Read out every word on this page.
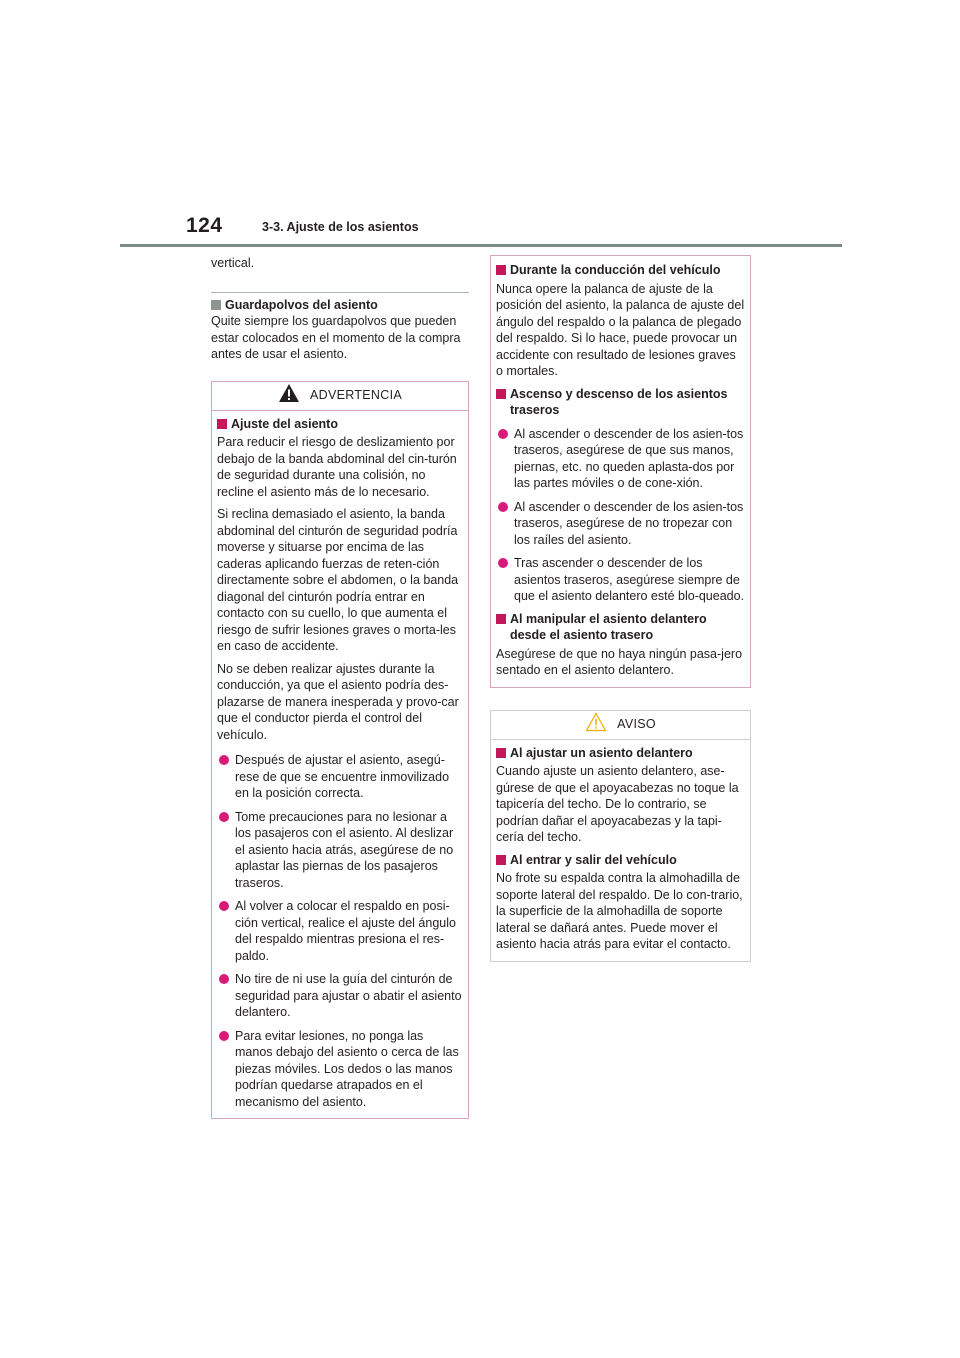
124	3-3. Ajuste de los asientos

vertical.

Guardapolvos del asiento

Quite siempre los guardapolvos que pueden estar colocados en el momento de la compra antes de usar el asiento.

ADVERTENCIA
Ajuste del asiento

Para reducir el riesgo de deslizamiento por debajo de la banda abdominal del cin-turón de seguridad durante una colisión, no recline el asiento más de lo necesario.

Si reclina demasiado el asiento, la banda abdominal del cinturón de seguridad podría moverse y situarse por encima de las caderas aplicando fuerzas de reten-ción directamente sobre el abdomen, o la banda diagonal del cinturón podría entrar en contacto con su cuello, lo que aumenta el riesgo de sufrir lesiones graves o morta-les en caso de accidente.

No se deben realizar ajustes durante la conducción, ya que el asiento podría des-plazarse de manera inesperada y provo-car que el conductor pierda el control del vehículo.

Después de ajustar el asiento, asegú-rese de que se encuentre inmovilizado en la posición correcta.
Tome precauciones para no lesionar a los pasajeros con el asiento. Al deslizar el asiento hacia atrás, asegúrese de no aplastar las piernas de los pasajeros traseros.
Al volver a colocar el respaldo en posi-ción vertical, realice el ajuste del ángulo del respaldo mientras presiona el res-paldo.
No tire de ni use la guía del cinturón de seguridad para ajustar o abatir el asiento delantero.
Para evitar lesiones, no ponga las manos debajo del asiento o cerca de las piezas móviles. Los dedos o las manos podrían quedarse atrapados en el mecanismo del asiento.
Durante la conducción del vehículo

Nunca opere la palanca de ajuste de la posición del asiento, la palanca de ajuste del ángulo del respaldo o la palanca de plegado del respaldo. Si lo hace, puede provocar un accidente con resultado de lesiones graves o mortales.

Ascenso y descenso de los asientos traseros
Al ascender o descender de los asien-tos traseros, asegúrese de que sus manos, piernas, etc. no queden aplasta-dos por las partes móviles o de cone-xión.
Al ascender o descender de los asien-tos traseros, asegúrese de no tropezar con los raíles del asiento.
Tras ascender o descender de los asientos traseros, asegúrese siempre de que el asiento delantero esté blo-queado.
Al manipular el asiento delantero desde el asiento trasero

Asegúrese de que no haya ningún pasa-jero sentado en el asiento delantero.

AVISO
Al ajustar un asiento delantero

Cuando ajuste un asiento delantero, ase-gúrese de que el apoyacabezas no toque la tapicería del techo. De lo contrario, se podrían dañar el apoyacabezas y la tapi-cería del techo.

Al entrar y salir del vehículo

No frote su espalda contra la almohadilla de soporte lateral del respaldo. De lo con-trario, la superficie de la almohadilla de soporte lateral se dañará antes. Puede mover el asiento hacia atrás para evitar el contacto.
